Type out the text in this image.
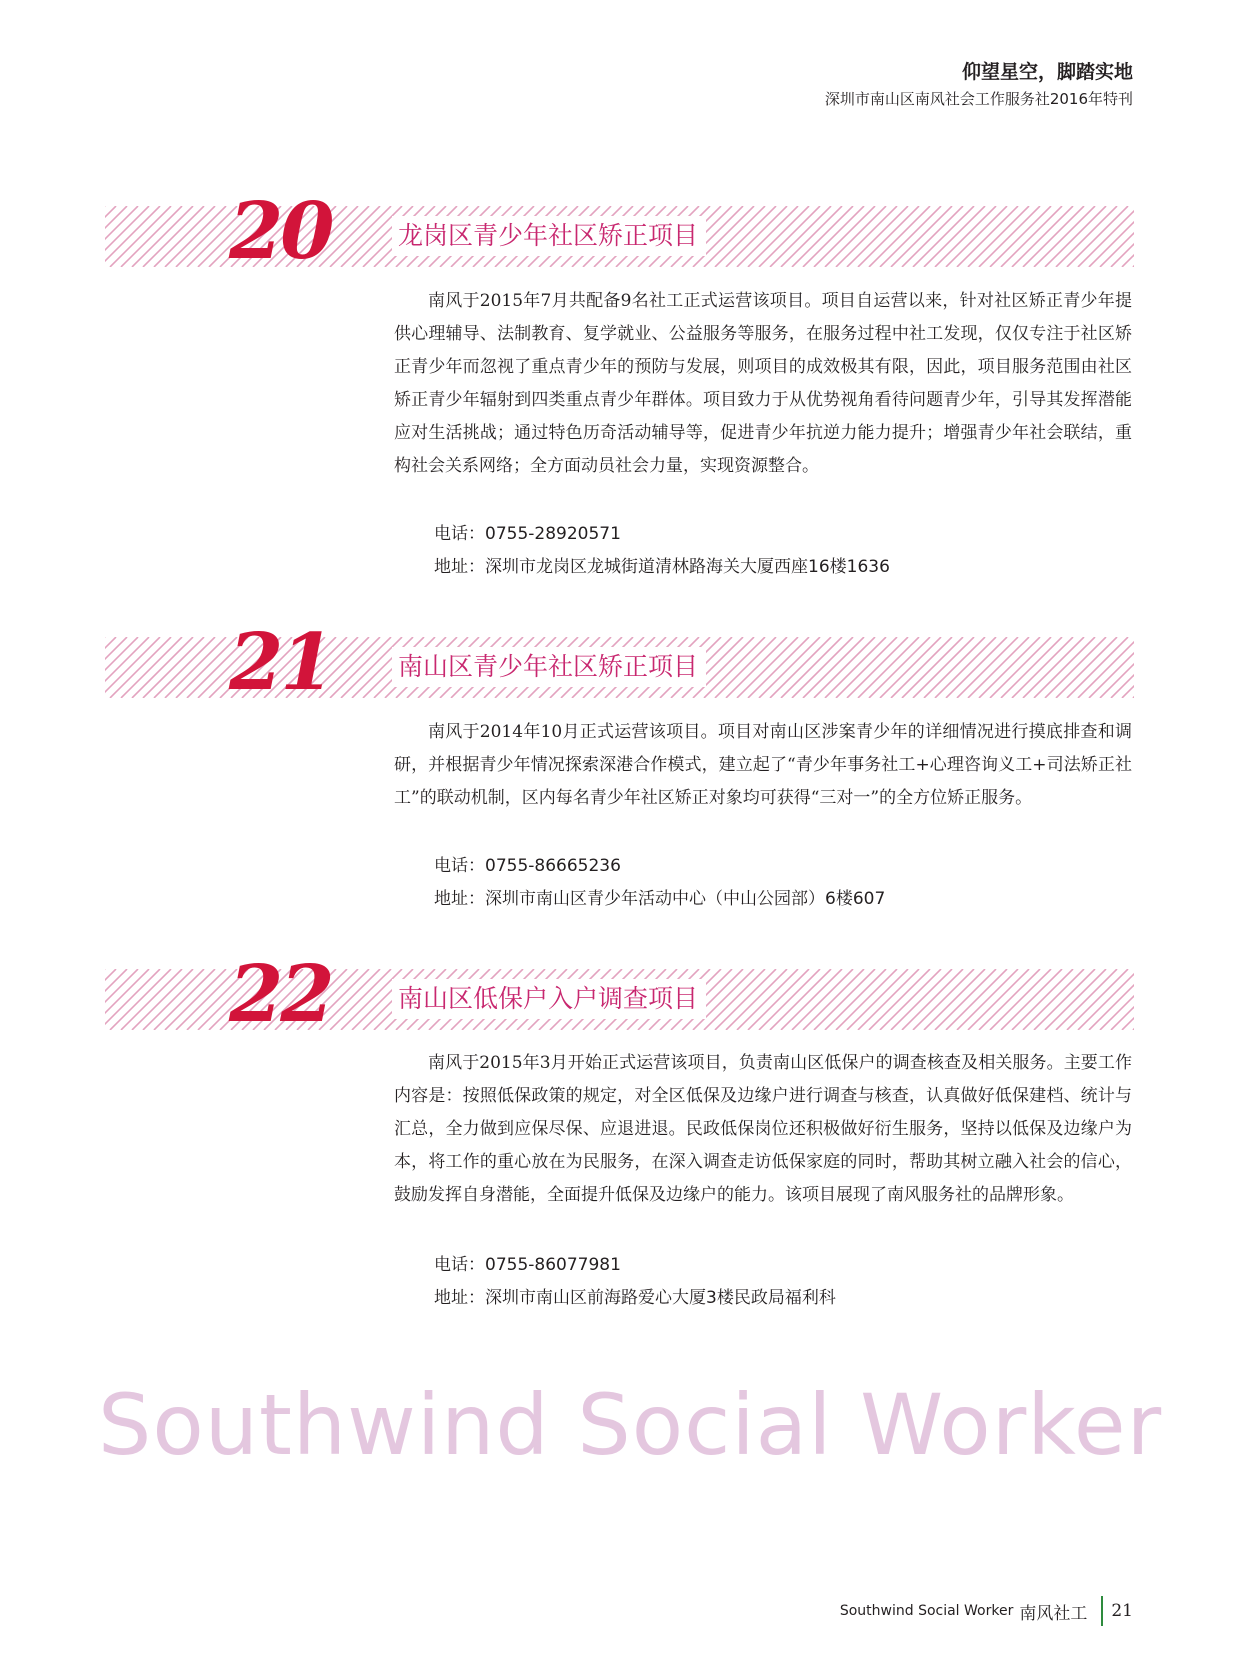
仰望星空，脚踏实地
深圳市南山区南风社会工作服务社2016年特刊
20	龙岗区青少年社区矫正项目

南风于2015年7月共配备9名社工正式运营该项目。项目自运营以来，针对社区矫正青少年提供心理辅导、法制教育、复学就业、公益服务等服务，在服务过程中社工发现，仅仅专注于社区矫正青少年而忽视了重点青少年的预防与发展，则项目的成效极其有限，因此，项目服务范围由社区矫正青少年辐射到四类重点青少年群体。项目致力于从优势视角看待问题青少年，引导其发挥潜能应对生活挑战；通过特色历奇活动辅导等，促进青少年抗逆力能力提升；增强青少年社会联结，重构社会关系网络；全方面动员社会力量，实现资源整合。

电话：0755-28920571
地址：深圳市龙岗区龙城街道清林路海关大厦西座16楼1636
21	南山区青少年社区矫正项目

南风于2014年10月正式运营该项目。项目对南山区涉案青少年的详细情况进行摸底排查和调研，并根据青少年情况探索深港合作模式，建立起了“青少年事务社工+心理咨询义工+司法矫正社工”的联动机制，区内每名青少年社区矫正对象均可获得“三对一”的全方位矫正服务。

电话：0755-86665236
地址：深圳市南山区青少年活动中心（中山公园部）6楼607
22	南山区低保户入户调查项目

南风于2015年3月开始正式运营该项目，负责南山区低保户的调查核查及相关服务。主要工作内容是：按照低保政策的规定，对全区低保及边缘户进行调查与核查，认真做好低保建档、统计与汇总，全力做到应保尽保、应退进退。民政低保岗位还积极做好衍生服务，坚持以低保及边缘户为本，将工作的重心放在为民服务，在深入调查走访低保家庭的同时，帮助其树立融入社会的信心，鼓励发挥自身潜能，全面提升低保及边缘户的能力。该项目展现了南风服务社的品牌形象。

电话：0755-86077981
地址：深圳市南山区前海路爱心大厦3楼民政局福利科
Southwind Social Worker
Southwind Social Worker 南风社工 21
